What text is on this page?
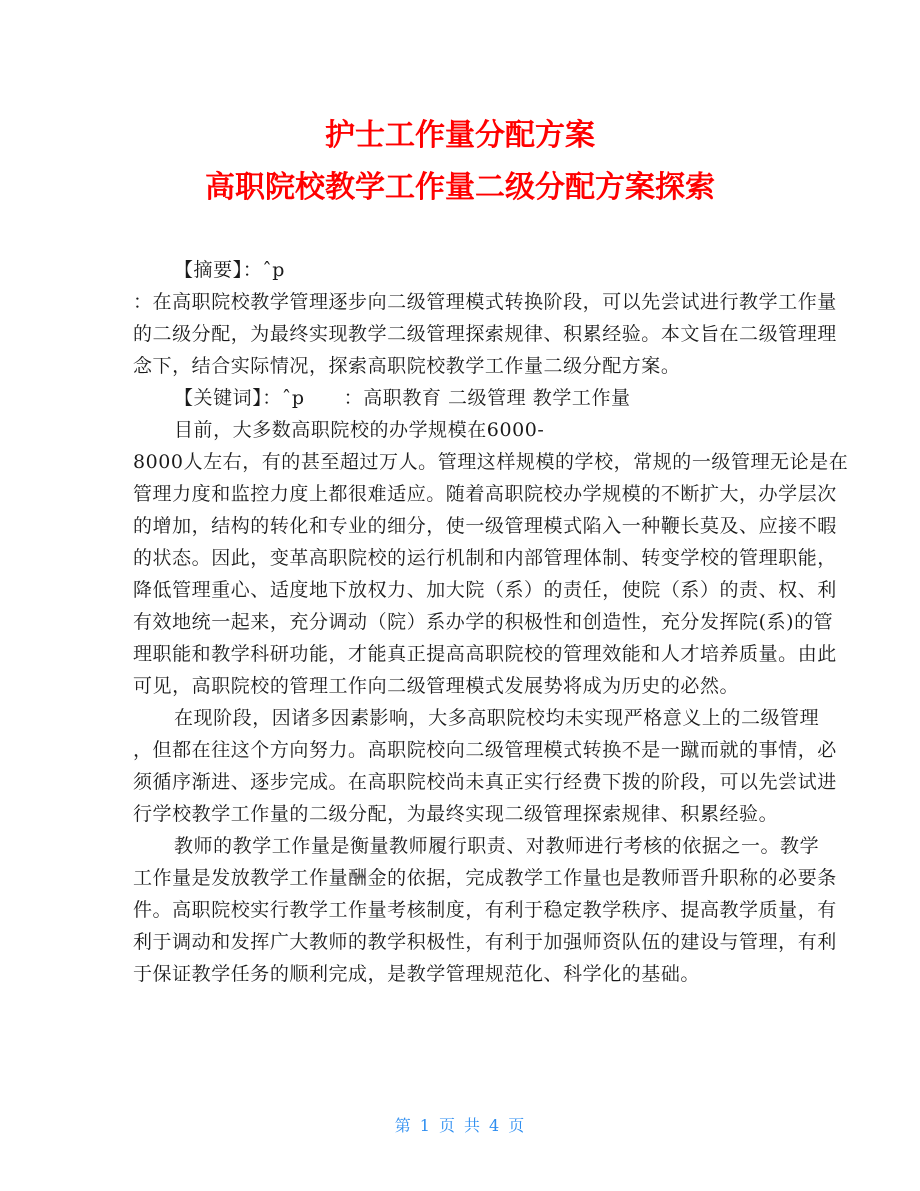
护士工作量分配方案
高职院校教学工作量二级分配方案探索
【摘要】：ˆp
：在高职院校教学管理逐步向二级管理模式转换阶段，可以先尝试进行教学工作量
的二级分配，为最终实现教学二级管理探索规律、积累经验。本文旨在二级管理理
念下，结合实际情况，探索高职院校教学工作量二级分配方案。
【关键词】：ˆp　　：高职教育 二级管理 教学工作量
目前，大多数高职院校的办学规模在6000-
8000人左右，有的甚至超过万人。管理这样规模的学校，常规的一级管理无论是在
管理力度和监控力度上都很难适应。随着高职院校办学规模的不断扩大，办学层次
的增加，结构的转化和专业的细分，使一级管理模式陷入一种鞭长莫及、应接不暇
的状态。因此，变革高职院校的运行机制和内部管理体制、转变学校的管理职能，
降低管理重心、适度地下放权力、加大院（系）的责任，使院（系）的责、权、利
有效地统一起来，充分调动（院）系办学的积极性和创造性，充分发挥院(系)的管
理职能和教学科研功能，才能真正提高高职院校的管理效能和人才培养质量。由此
可见，高职院校的管理工作向二级管理模式发展势将成为历史的必然。
在现阶段，因诸多因素影响，大多高职院校均未实现严格意义上的二级管理
，但都在往这个方向努力。高职院校向二级管理模式转换不是一蹴而就的事情，必
须循序渐进、逐步完成。在高职院校尚未真正实行经费下拨的阶段，可以先尝试进
行学校教学工作量的二级分配，为最终实现二级管理探索规律、积累经验。
教师的教学工作量是衡量教师履行职责、对教师进行考核的依据之一。教学
工作量是发放教学工作量酬金的依据，完成教学工作量也是教师晋升职称的必要条
件。高职院校实行教学工作量考核制度，有利于稳定教学秩序、提高教学质量，有
利于调动和发挥广大教师的教学积极性，有利于加强师资队伍的建设与管理，有利
于保证教学任务的顺利完成，是教学管理规范化、科学化的基础。
第 1 页 共 4 页
